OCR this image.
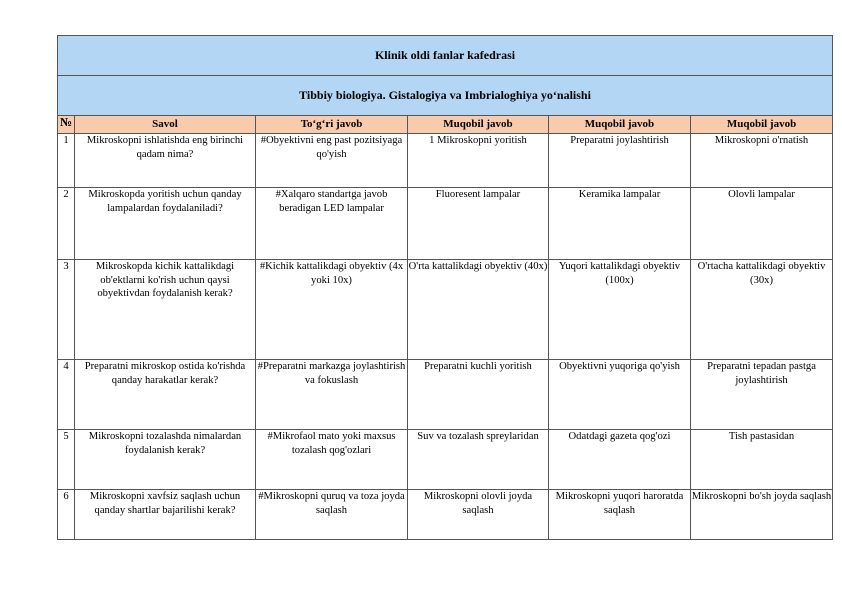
Klinik oldi fanlar kafedrasi					
Tibbiy biologiya. Gistalogiya va Imbrialoghiya yo‘nalishi					
№	Savol	To‘g‘ri javob	Muqobil javob	Muqobil javob	Muqobil javob
1	Mikroskopni ishlatishda eng birinchi qadam nima?	#Obyektivni eng past pozitsiyaga qo'yish	1 Mikroskopni yoritish	Preparatni joylashtirish	Mikroskopni o'rnatish
2	Mikroskopda yoritish uchun qanday lampalardan foydalaniladi?	#Xalqaro standartga javob beradigan LED lampalar	Fluoresent lampalar	Keramika lampalar	Olovli lampalar
3	Mikroskopda kichik kattalikdagi ob'ektlarni ko'rish uchun qaysi obyektivdan foydalanish kerak?	#Kichik kattalikdagi obyektiv (4x yoki 10x)	O'rta kattalikdagi obyektiv (40x)	Yuqori kattalikdagi obyektiv (100x)	O'rtacha kattalikdagi obyektiv (30x)
4	Preparatni mikroskop ostida ko'rishda qanday harakatlar kerak?	#Preparatni markazga joylashtirish va fokuslash	Preparatni kuchli yoritish	Obyektivni yuqoriga qo'yish	Preparatni tepadan pastga joylashtirish
5	Mikroskopni tozalashda nimalardan foydalanish kerak?	#Mikrofaol mato yoki maxsus tozalash qog'ozlari	Suv va tozalash spreylaridan	Odatdagi gazeta qog'ozi	Tish pastasidan
6	Mikroskopni xavfsiz saqlash uchun qanday shartlar bajarilishi kerak?	#Mikroskopni quruq va toza joyda saqlash	Mikroskopni olovli joyda saqlash	Mikroskopni yuqori haroratda saqlash	Mikroskopni bo'sh joyda saqlash
